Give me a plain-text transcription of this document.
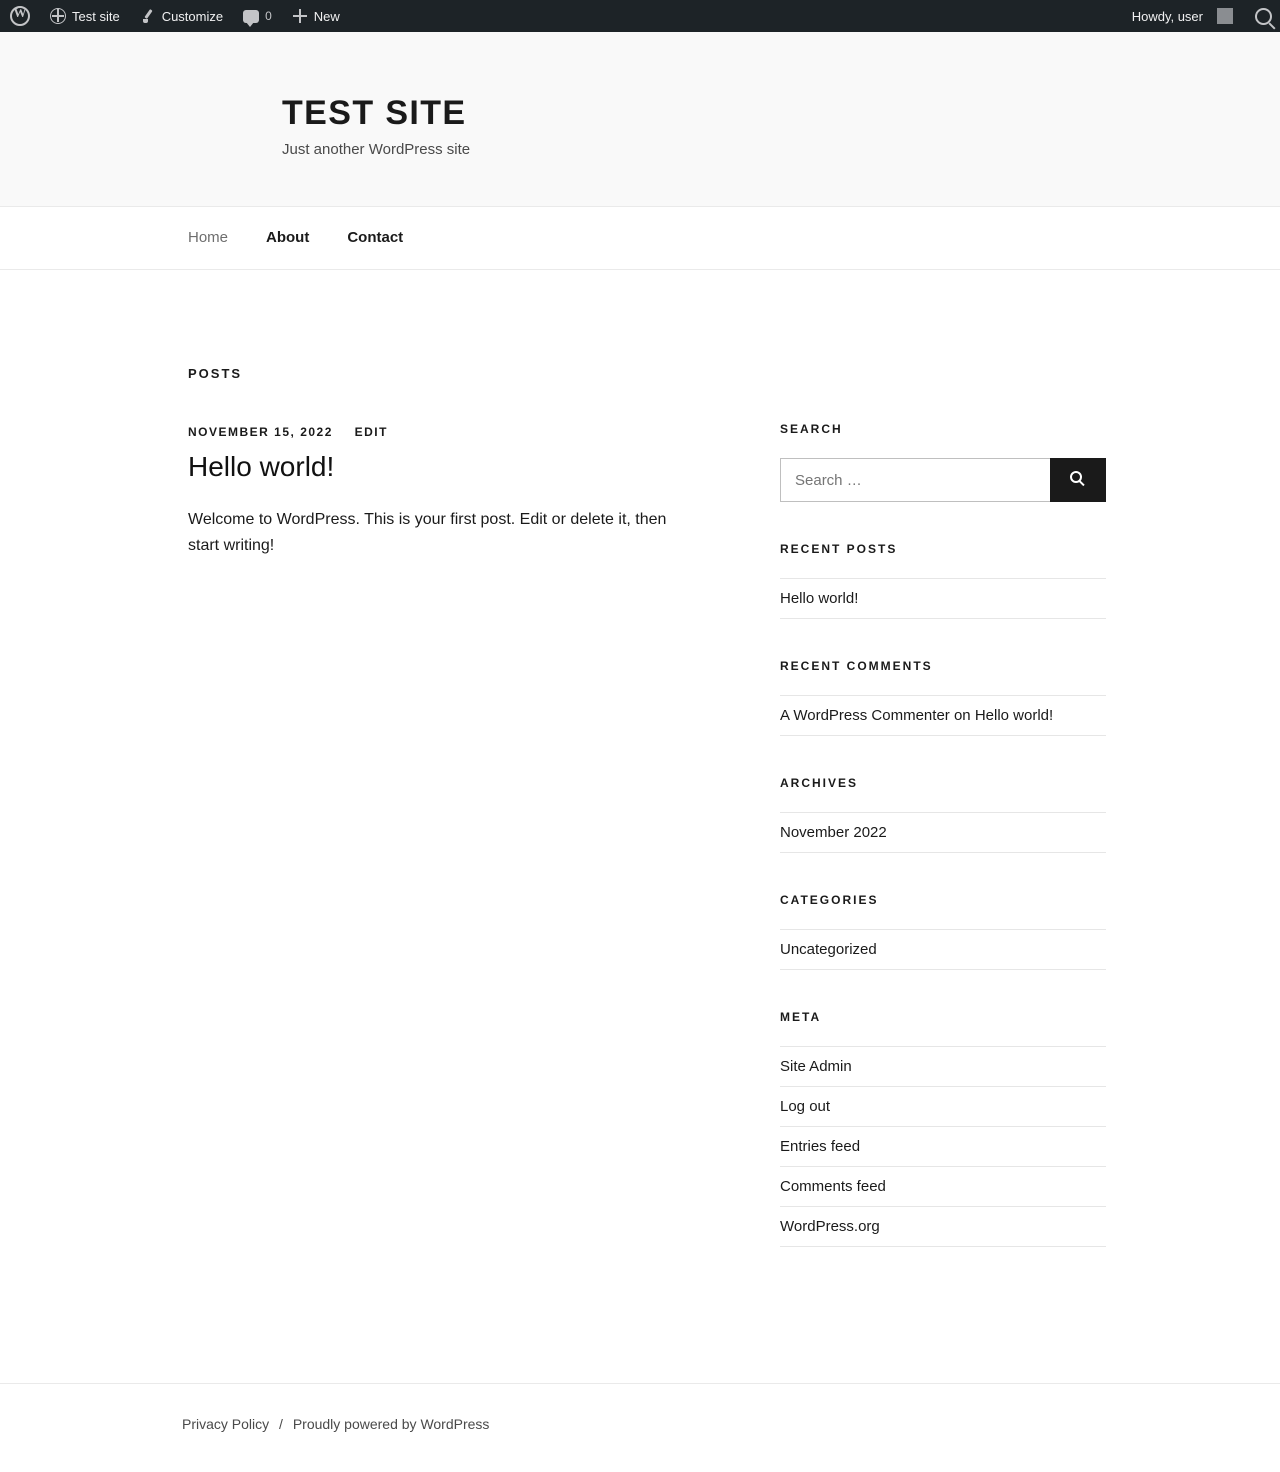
W
Test site	Customize	0	New	Howdy, user
TEST SITE

Just another WordPress site

Home	About	Contact
POSTS
NOVEMBER 15, 2022 EDIT
Hello world!

Welcome to WordPress. This is your first post. Edit or delete it, then start writing!

SEARCH
Search …
RECENT POSTS
Hello world!
RECENT COMMENTS
A WordPress Commenter on Hello world!
ARCHIVES
November 2022
CATEGORIES
Uncategorized
META
Site Admin
Log out
Entries feed
Comments feed
WordPress.org
Privacy Policy / Proudly powered by WordPress
